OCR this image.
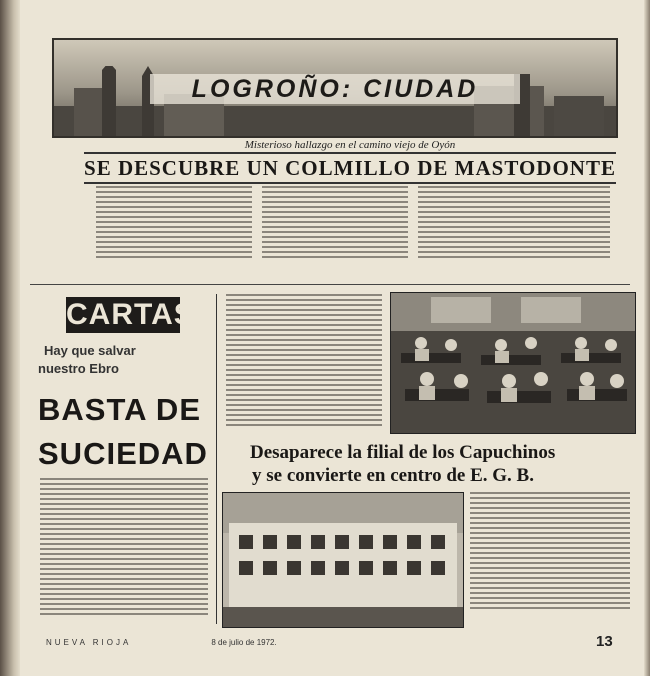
LOGROÑO: CIUDAD
Misterioso hallazgo en el camino viejo de Oyón
SE DESCUBRE UN COLMILLO DE MASTODONTE
CARTAS
Hay que salvar
nuestro Ebro
BASTA DE
SUCIEDAD Desaparece la filial de los Capuchinos
y se convierte en centro de E. G. B.
NUEVA RIOJA	8 de julio de 1972.	13
